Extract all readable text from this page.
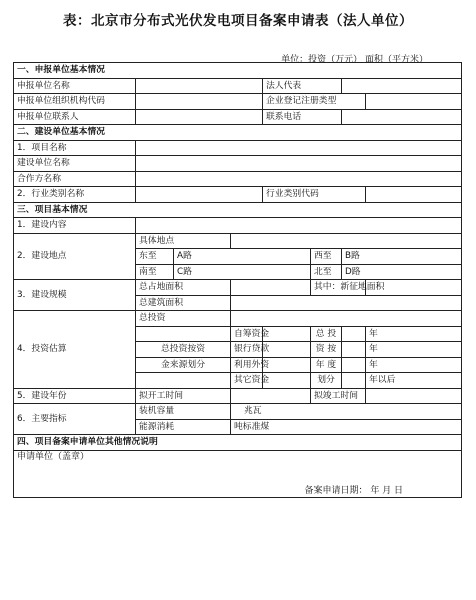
表：北京市分布式光伏发电项目备案申请表（法人单位）
单位：投资（万元） 面积（平方米）
一、申报单位基本情况							
申报单位名称				法人代表			
申报单位组织机构代码				企业登记注册类型			
申报单位联系人				联系电话			
二、建设单位基本情况							
1．项目名称							
建设单位名称							
合作方名称							
2．行业类别名称				行业类别代码			
三、项目基本情况							
1．建设内容							
2．建设地点	具体地点						
	东至	A路			西至	B路	
	南至	C路			北至	D路	
3．建设规模	总占地面积				其中：新征地面积		
	总建筑面积						
4．投资估算	总投资						
			自筹资金		总 投		年
	总投资按资		银行贷款		资 按		年
	金来源划分		利用外资		年 度		年
			其它资金		划分		年以后
5．建设年份	拟开工时间				拟竣工时间		
6．主要指标	装机容量		兆瓦				
	能源消耗		吨标准煤				
四、项目备案申请单位其他情况说明							

申请单位（盖章）
备案申请日期： 年 月 日							
